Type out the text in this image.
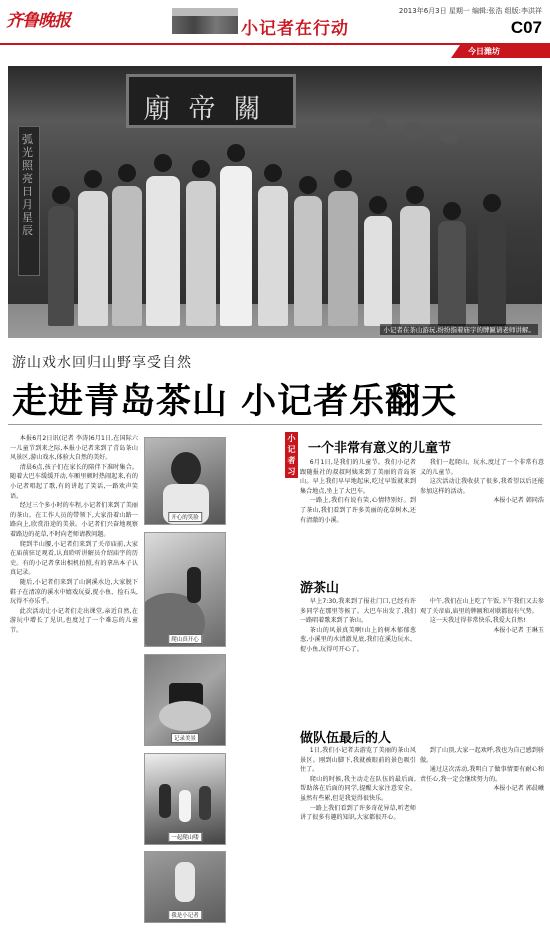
齐鲁晚报	小记者在行动
2013年6月3日 星期一 编辑:张浩 组版:李洪祥
C07
今日潍坊
廟帝關
弧光照亮日月星辰
小记者在茶山游玩,纷纷指着庙宇的牌匾请老师讲解。
游山戏水回归山野享受自然
走进青岛茶山 小记者乐翻天

本报6月2日讯(记者 李涛)6月1日,在国际六一儿童节到来之际,本报小记者来到了青岛茶山风景区,游山戏水,体验大自然的美好。

清晨6点,孩子们在家长的陪伴下准时集合。随着大巴车缓缓开动,车厢里顿时热闹起来,有的小记者唱起了歌,有的讲起了笑话,一路欢声笑语。

经过三个多小时的车程,小记者们来到了美丽的茶山。在工作人员的带领下,大家沿着山路一路向上,欣赏沿途的美景。小记者们兴奋地观察着路边的花草,不时向老师请教问题。

爬到半山腰,小记者们来到了关帝庙前,大家在庙前驻足观看,认真聆听讲解员介绍庙宇的历史。有的小记者拿出相机拍照,有的拿出本子认真记录。

随后,小记者们来到了山涧溪水边,大家脱下鞋子在清凉的溪水中嬉戏玩耍,捉小鱼、捡石头,玩得不亦乐乎。

此次活动让小记者们走出课堂,亲近自然,在游玩中增长了见识,也度过了一个难忘的儿童节。

开心的笑脸
爬山真开心
记录美景
一起爬山喽
我是小记者
小记者习作
一个非常有意义的儿童节

6月1日,是我们的儿童节。我们小记者跟随报社的叔叔阿姨来到了美丽的青岛茶山。早上我们早早地起床,吃过早饭就来到集合地点,坐上了大巴车。

一路上,我们有说有笑,心情特别好。到了茶山,我们看到了许多美丽的花草树木,还有清澈的小溪。

我们一起爬山、玩水,度过了一个非常有意义的儿童节。

这次活动让我收获了很多,我希望以后还能参加这样的活动。

本报小记者 韩同浩

游茶山

早上7:30,我来到了报社门口,已经有许多同学在那里等候了。大巴车出发了,我们一路唱着歌来到了茶山。

茶山的风景真美啊!山上的树木郁郁葱葱,小溪里的水清澈见底,我们在溪边玩水、捉小鱼,玩得可开心了。

中午,我们在山上吃了午饭,下午我们又去参观了关帝庙,庙里的牌匾和对联都很有气势。

这一天我过得非常快乐,我爱大自然!

本报小记者 王琳玉

做队伍最后的人

1日,我们小记者去游览了美丽的茶山风景区。刚到山脚下,我就被眼前的景色吸引住了。

爬山的时候,我主动走在队伍的最后面,帮助落在后面的同学,提醒大家注意安全。虽然有些累,但是我觉得很快乐。

一路上我们看到了许多奇花异草,听老师讲了很多有趣的知识,大家都很开心。

到了山顶,大家一起欢呼,我也为自己感到骄傲。

通过这次活动,我明白了做事情要有耐心和责任心,我一定会继续努力的。

本报小记者 郭晨曦
